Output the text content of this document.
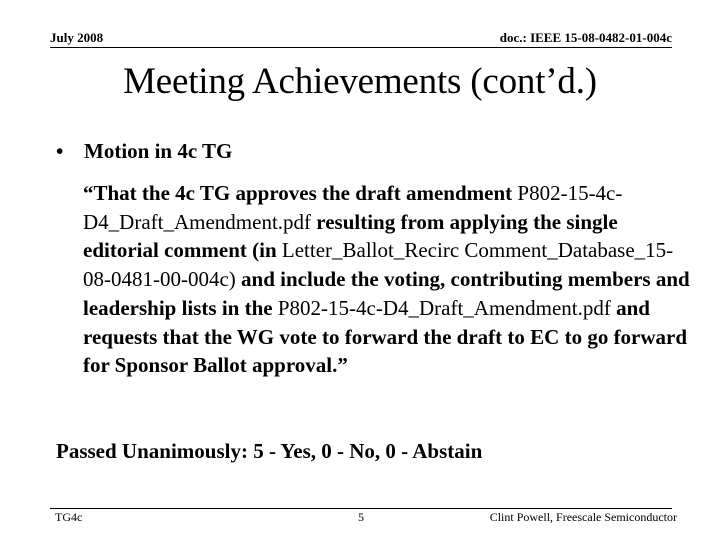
July 2008	doc.: IEEE 15-08-0482-01-004c
Meeting Achievements (cont’d.)
• Motion in 4c TG
“That the 4c TG approves the draft amendment P802-15-4c-D4_Draft_Amendment.pdf resulting from applying the single editorial comment (in Letter_Ballot_Recirc Comment_Database_15-08-0481-00-004c) and include the voting, contributing members and leadership lists in the P802-15-4c-D4_Draft_Amendment.pdf and requests that the WG vote to forward the draft to EC to go forward for Sponsor Ballot approval.”
Passed Unanimously: 5 - Yes, 0 - No, 0 - Abstain
TG4c	5	Clint Powell, Freescale Semiconductor
